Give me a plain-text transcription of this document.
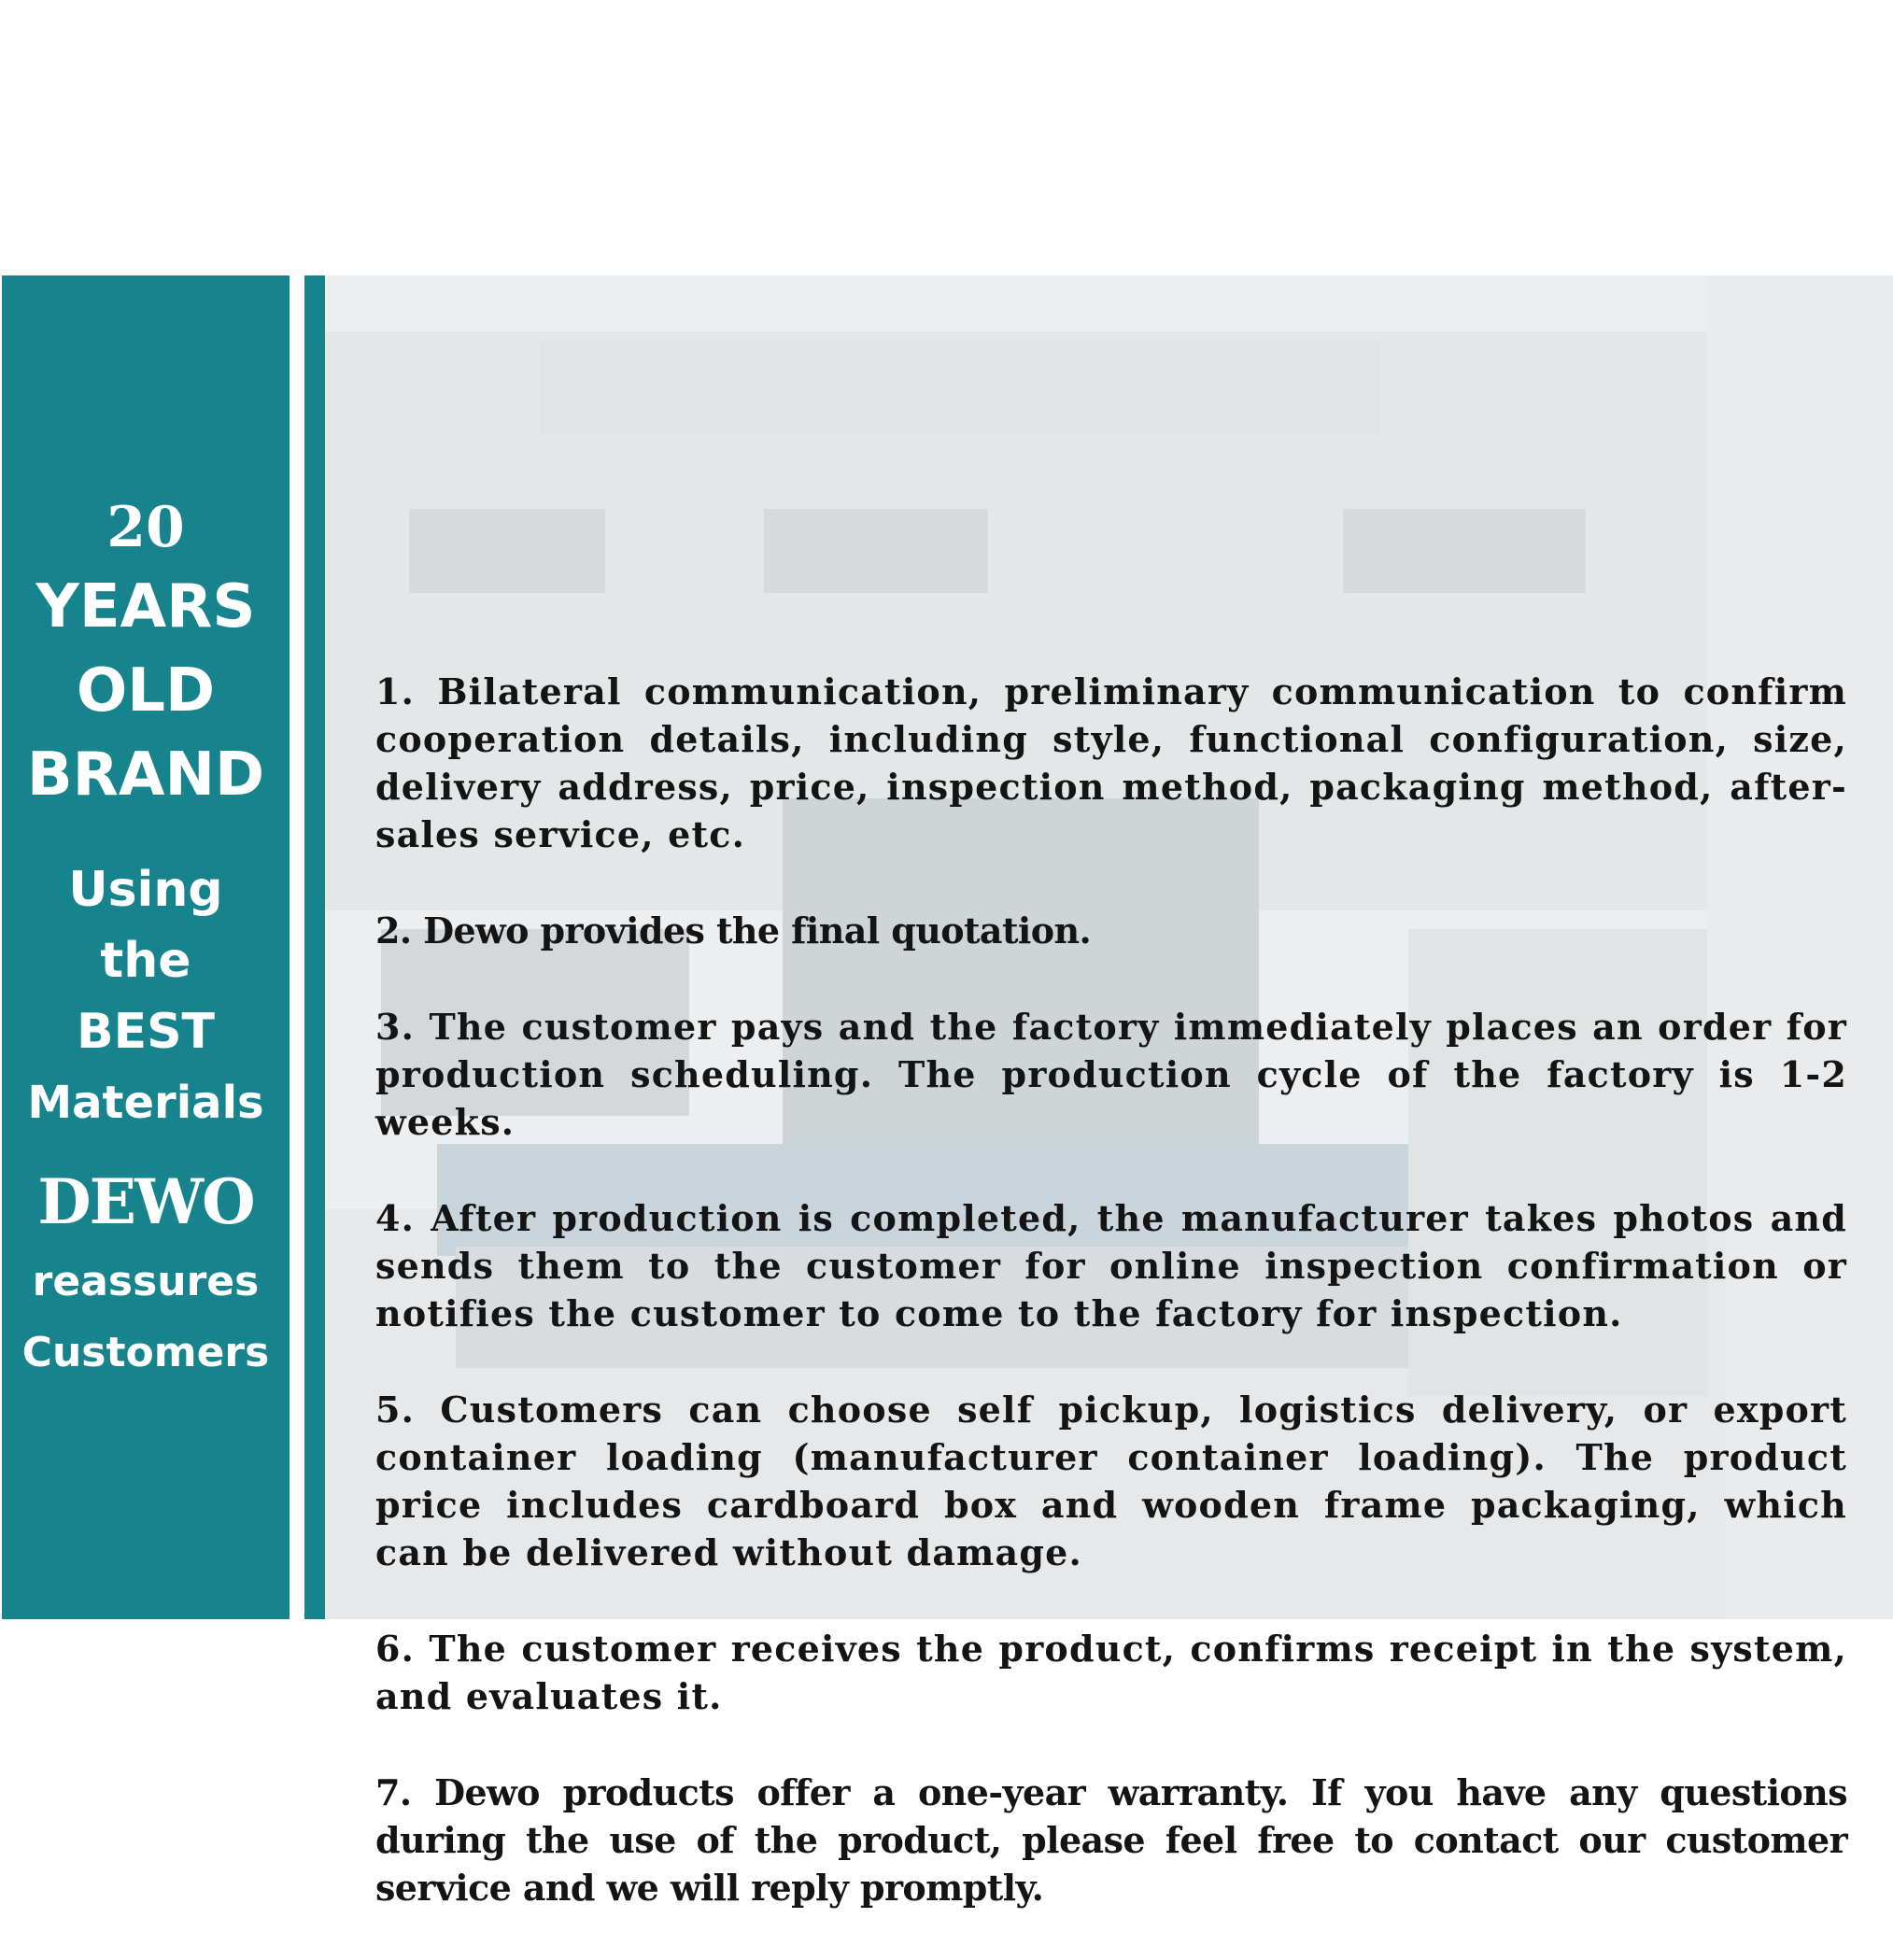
20
YEARS
OLD
BRAND
Using
the
BEST
Materials
DEWO
reassures
Customers

1. Bilateral communication, preliminary communication to confirm cooperation details, including style, functional configuration, size, delivery address, price, inspection method, packaging method, after-sales service, etc.

2. Dewo provides the final quotation.

3. The customer pays and the factory immediately places an order for production scheduling. The production cycle of the factory is 1-2 weeks.

4. After production is completed, the manufacturer takes photos and sends them to the customer for online inspection confirmation or notifies the customer to come to the factory for inspection.

5. Customers can choose self pickup, logistics delivery, or export container loading (manufacturer container loading). The product price includes cardboard box and wooden frame packaging, which can be delivered without damage.

6. The customer receives the product, confirms receipt in the system, and evaluates it.

7. Dewo products offer a one-year warranty. If you have any questions during the use of the product, please feel free to contact our customer service and we will reply promptly.
